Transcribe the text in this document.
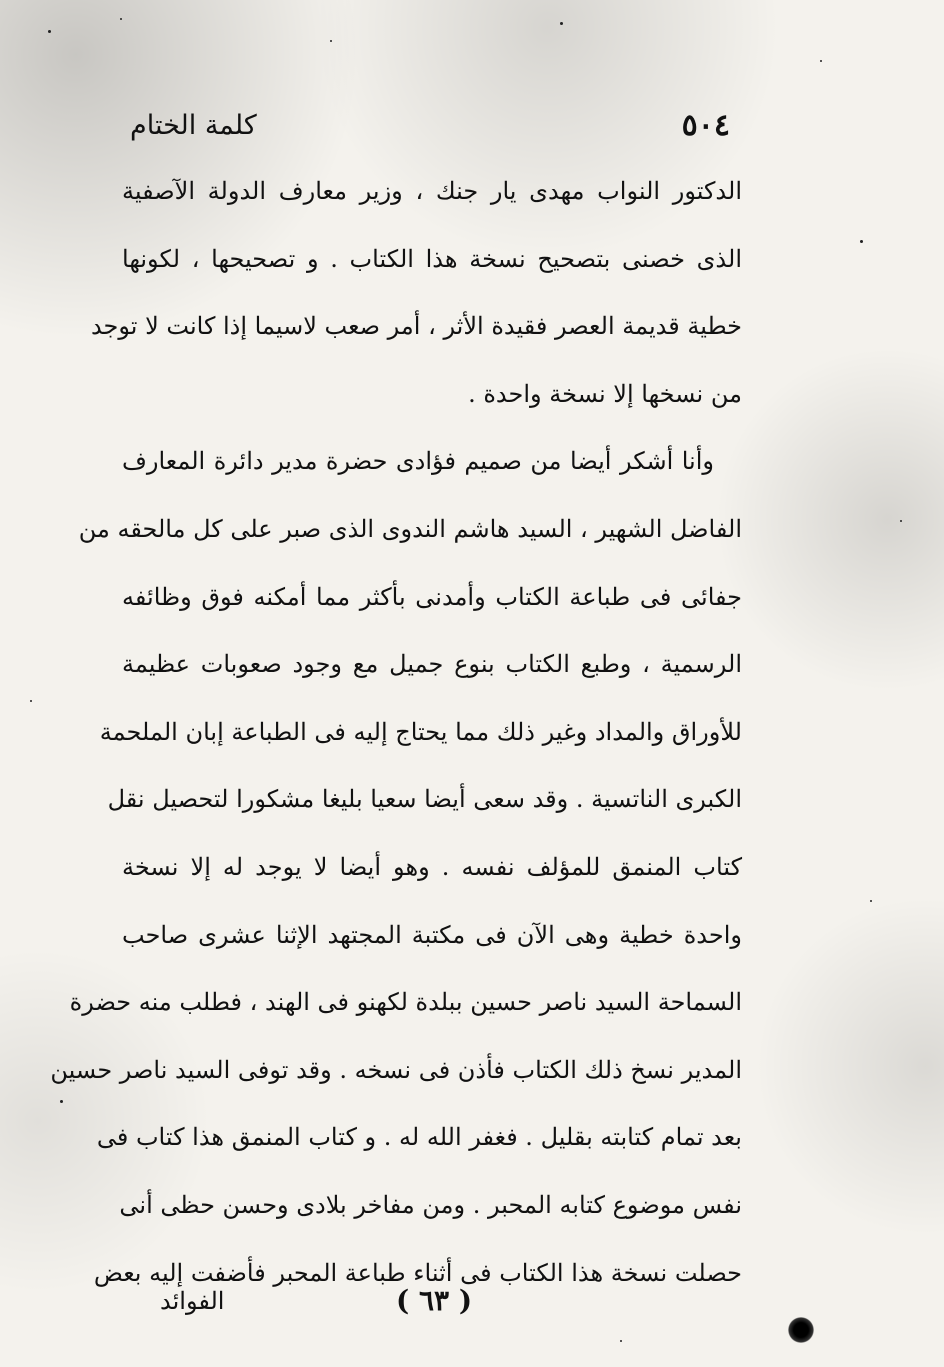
٥٠٤
كلمة الختام
الدكتور النواب مهدى يار جنك ، وزير معارف الدولة الآصفية
الذى خصنى بتصحيح نسخة هذا الكتاب . و تصحيحها ، لكونها
خطية قديمة العصر فقيدة الأثر ، أمر صعب لاسيما إذا كانت لا توجد
من نسخها إلا نسخة واحدة .
وأنا أشكر أيضا من صميم فؤادى حضرة مدير دائرة المعارف
الفاضل الشهير ، السيد هاشم الندوى الذى صبر على كل مالحقه من
جفائى فى طباعة الكتاب وأمدنى بأكثر مما أمكنه فوق وظائفه
الرسمية ، وطبع الكتاب بنوع جميل مع وجود صعوبات عظيمة
للأوراق والمداد وغير ذلك مما يحتاج إليه فى الطباعة إبان الملحمة
الكبرى الناتسية . وقد سعى أيضا سعيا بليغا مشكورا لتحصيل نقل
كتاب المنمق للمؤلف نفسه . وهو أيضا لا يوجد له إلا نسخة
واحدة خطية وهى الآن فى مكتبة المجتهد الإثنا عشرى صاحب
السماحة السيد ناصر حسين ببلدة لكهنو فى الهند ، فطلب منه حضرة
المدير نسخ ذلك الكتاب فأذن فى نسخه . وقد توفى السيد ناصر حسين
بعد تمام كتابته بقليل . فغفر الله له . و كتاب المنمق هذا كتاب فى
نفس موضوع كتابه المحبر . ومن مفاخر بلادى وحسن حظى أنى
حصلت نسخة هذا الكتاب فى أثناء طباعة المحبر فأضفت إليه بعض
الفوائد	( ٦٣ )
